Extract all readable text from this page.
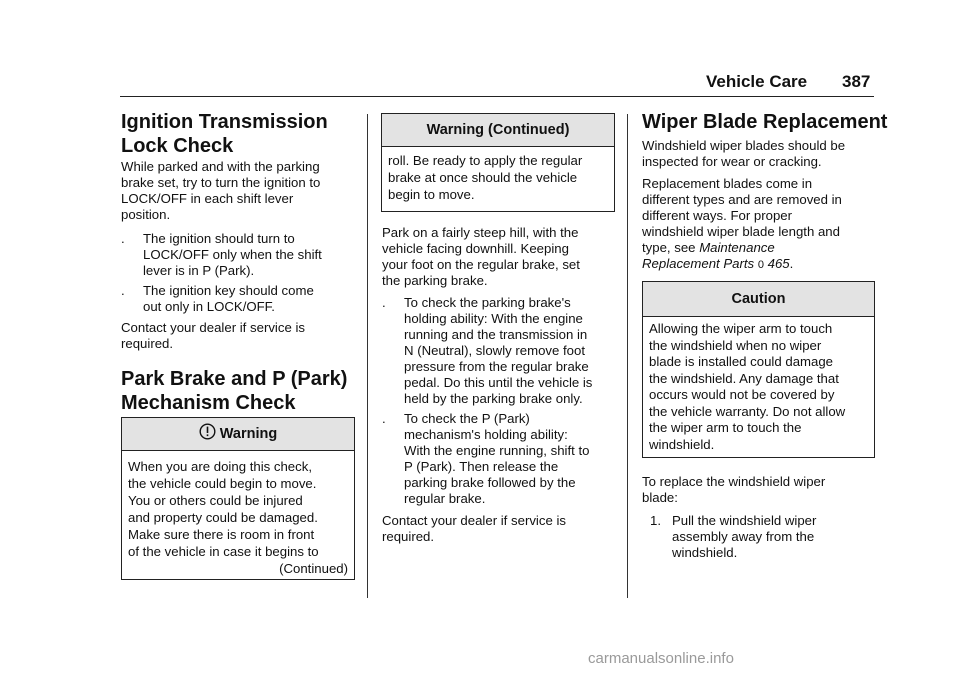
Vehicle Care 387
Ignition Transmission
Lock Check
While parked and with the parking
brake set, try to turn the ignition to
LOCK/OFF in each shift lever
position.
. The ignition should turn to
LOCK/OFF only when the shift
lever is in P (Park).
. The ignition key should come
out only in LOCK/OFF.
Contact your dealer if service is
required.
Park Brake and P (Park)
Mechanism Check
Warning
When you are doing this check,
the vehicle could begin to move.
You or others could be injured
and property could be damaged.
Make sure there is room in front
of the vehicle in case it begins to
(Continued)
Warning (Continued)
roll. Be ready to apply the regular
brake at once should the vehicle
begin to move.
Park on a fairly steep hill, with the
vehicle facing downhill. Keeping
your foot on the regular brake, set
the parking brake.
. To check the parking brake's
holding ability: With the engine
running and the transmission in
N (Neutral), slowly remove foot
pressure from the regular brake
pedal. Do this until the vehicle is
held by the parking brake only.
. To check the P (Park)
mechanism's holding ability:
With the engine running, shift to
P (Park). Then release the
parking brake followed by the
regular brake.
Contact your dealer if service is
required.
Wiper Blade Replacement
Windshield wiper blades should be
inspected for wear or cracking.
Replacement blades come in
different types and are removed in
different ways. For proper
windshield wiper blade length and
type, see Maintenance
Replacement Parts 0 465.
Caution
Allowing the wiper arm to touch
the windshield when no wiper
blade is installed could damage
the windshield. Any damage that
occurs would not be covered by
the vehicle warranty. Do not allow
the wiper arm to touch the
windshield.
To replace the windshield wiper
blade:
1. Pull the windshield wiper
assembly away from the
windshield.
carmanualsonline.info
